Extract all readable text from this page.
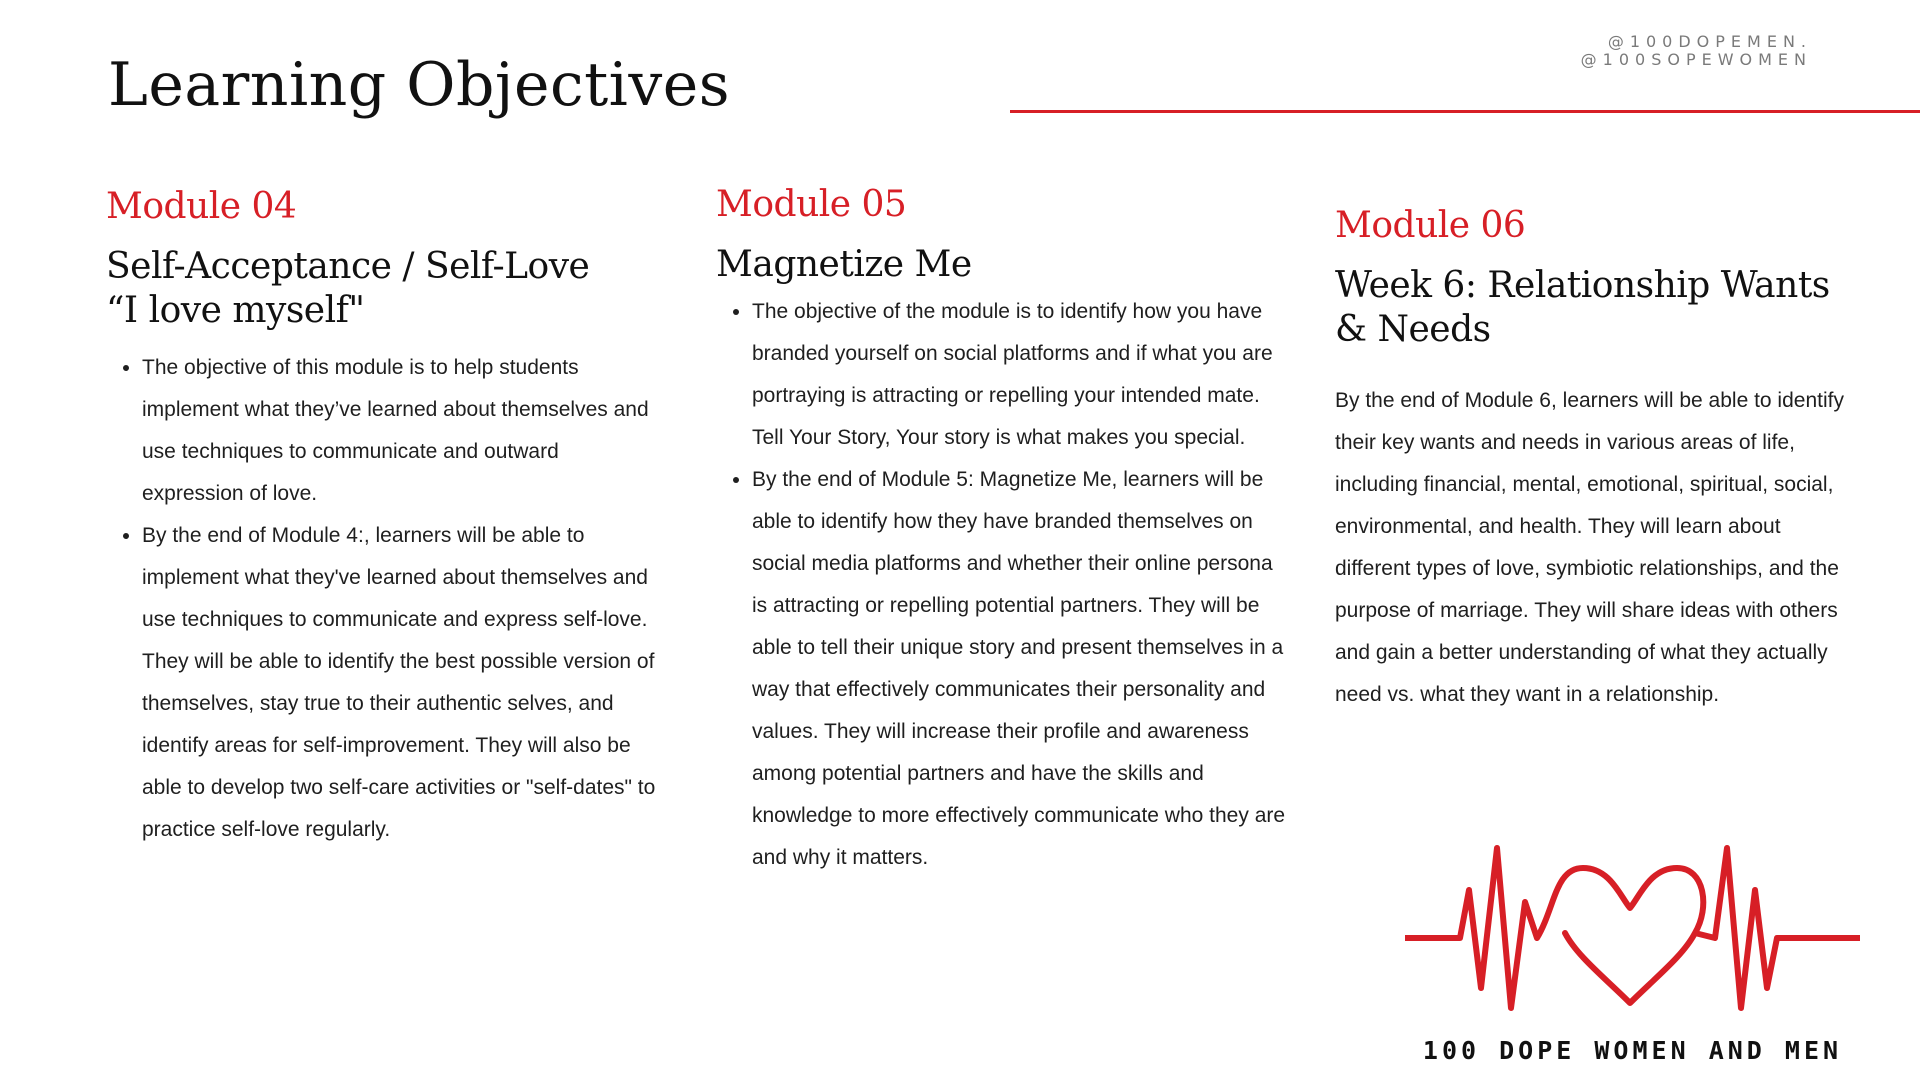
Learning Objectives
@100DOPEMEN.
@100SOPEWOMEN
Module 04
Self-Acceptance / Self-Love
“I love myself"
• The objective of this module is to help students implement what they’ve learned about themselves and use techniques to communicate and outward expression of love.
• By the end of Module 4:, learners will be able to implement what they've learned about themselves and use techniques to communicate and express self-love. They will be able to identify the best possible version of themselves, stay true to their authentic selves, and identify areas for self-improvement. They will also be able to develop two self-care activities or "self-dates" to practice self-love regularly.
Module 05
Magnetize Me
• The objective of the module is to identify how you have branded yourself on social platforms and if what you are portraying is attracting or repelling your intended mate. Tell Your Story, Your story is what makes you special.
• By the end of Module 5: Magnetize Me, learners will be able to identify how they have branded themselves on social media platforms and whether their online persona is attracting or repelling potential partners. They will be able to tell their unique story and present themselves in a way that effectively communicates their personality and values. They will increase their profile and awareness among potential partners and have the skills and knowledge to more effectively communicate who they are and why it matters.
Module 06
Week 6: Relationship Wants & Needs

By the end of Module 6, learners will be able to identify their key wants and needs in various areas of life, including financial, mental, emotional, spiritual, social, environmental, and health. They will learn about different types of love, symbiotic relationships, and the purpose of marriage. They will share ideas with others and gain a better understanding of what they actually need vs. what they want in a relationship.

100 DOPE WOMEN AND MEN
